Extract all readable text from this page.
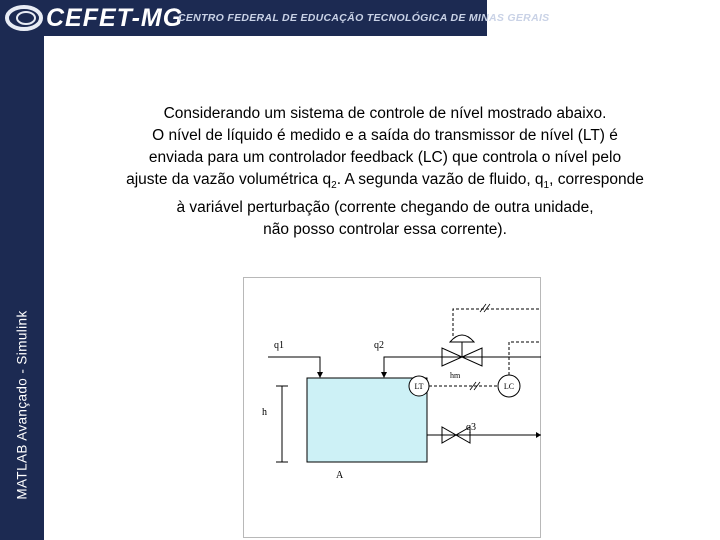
CEFET-MG
CENTRO FEDERAL DE EDUCAÇÃO TECNOLÓGICA DE MINAS GERAIS
MATLAB Avançado - Simulink
Considerando um sistema de controle de nível mostrado abaixo.
O nível de líquido é medido e a saída do transmissor de nível (LT) é
enviada para um controlador feedback (LC) que controla o nível pelo
ajuste da vazão volumétrica $q_2$. A segunda vazão de fluido, $q_1$, corresponde
à variável perturbação (corrente chegando de outra unidade,
não posso controlar essa corrente).
q1	q2
LT
hm
LC
q3
h
A
